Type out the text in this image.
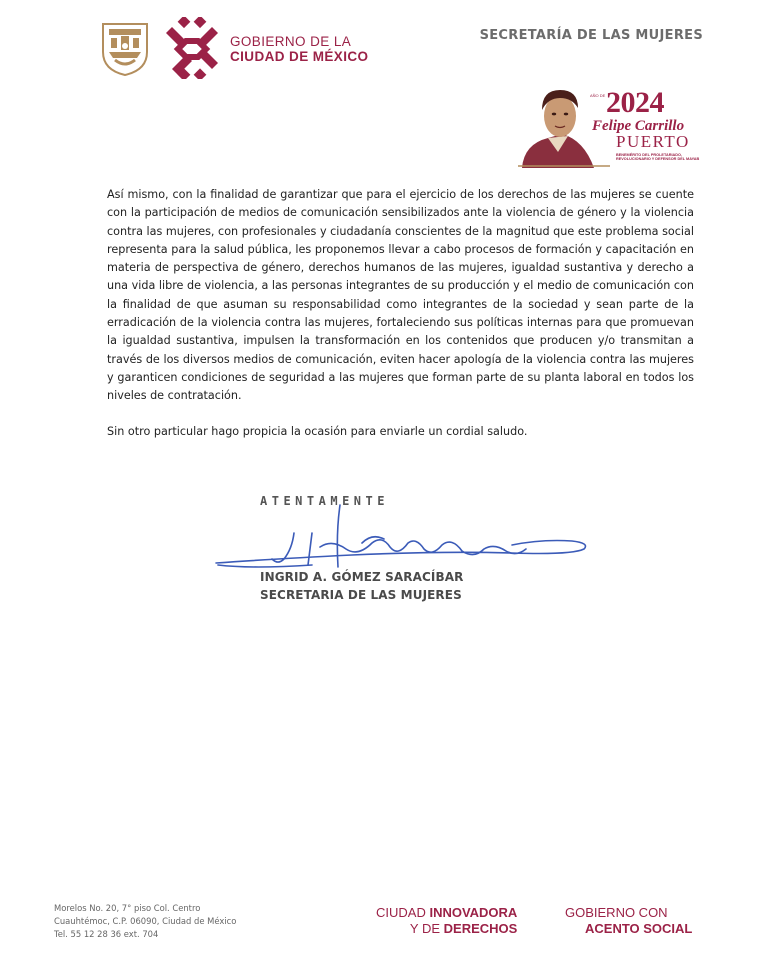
GOBIERNO DE LA
CIUDAD DE MÉXICO
SECRETARÍA DE LAS MUJERES
AÑO DE 2024
Felipe Carrillo
PUERTO
BENEMÉRITO DEL PROLETARIADO, REVOLUCIONARIO Y DEFENSOR DEL MAYAB

Así mismo, con la finalidad de garantizar que para el ejercicio de los derechos de las mujeres se cuente con la participación de medios de comunicación sensibilizados ante la violencia de género y la violencia contra las mujeres, con profesionales y ciudadanía conscientes de la magnitud que este problema social representa para la salud pública, les proponemos llevar a cabo procesos de formación y capacitación en materia de perspectiva de género, derechos humanos de las mujeres, igualdad sustantiva y derecho a una vida libre de violencia, a las personas integrantes de su producción y el medio de comunicación con la finalidad de que asuman su responsabilidad como integrantes de la sociedad y sean parte de la erradicación de la violencia contra las mujeres, fortaleciendo sus políticas internas para que promuevan la igualdad sustantiva, impulsen la transformación en los contenidos que producen y/o transmitan a través de los diversos medios de comunicación, eviten hacer apología de la violencia contra las mujeres y garanticen condiciones de seguridad a las mujeres que forman parte de su planta laboral en todos los niveles de contratación.

Sin otro particular hago propicia la ocasión para enviarle un cordial saludo.

ATENTAMENTE
INGRID A. GÓMEZ SARACÍBAR
SECRETARIA DE LAS MUJERES
Morelos No. 20, 7° piso Col. Centro
Cuauhtémoc, C.P. 06090, Ciudad de México
Tel. 55 12 28 36 ext. 704
CIUDAD INNOVADORA
Y DE DERECHOS
GOBIERNO CON
ACENTO SOCIAL
